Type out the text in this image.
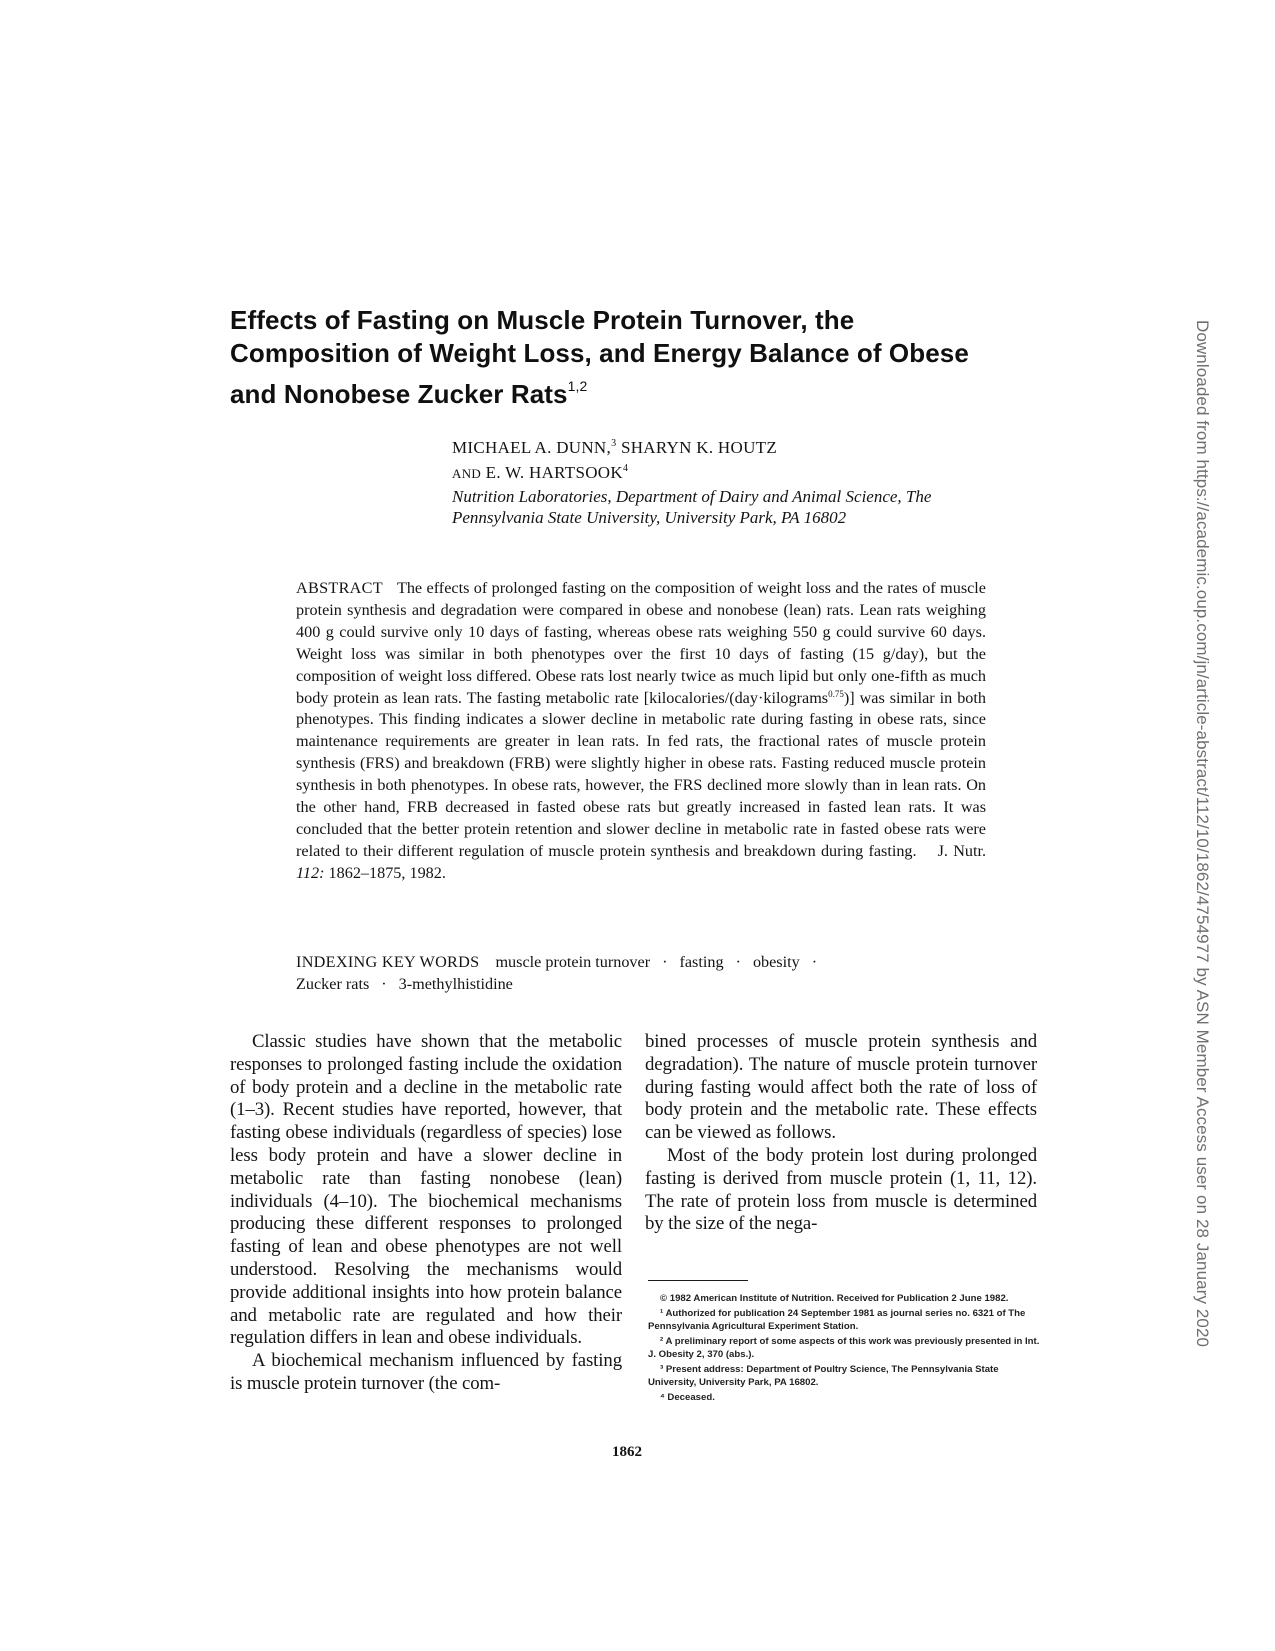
Effects of Fasting on Muscle Protein Turnover, the Composition of Weight Loss, and Energy Balance of Obese and Nonobese Zucker Rats$^{1,2}$
MICHAEL A. DUNN,$^3$ SHARYN K. HOUTZ
AND E. W. HARTSOOK$^4$
Nutrition Laboratories, Department of Dairy and Animal Science, The Pennsylvania State University, University Park, PA 16802
ABSTRACT The effects of prolonged fasting on the composition of weight loss and the rates of muscle protein synthesis and degradation were compared in obese and nonobese (lean) rats. Lean rats weighing 400 g could survive only 10 days of fasting, whereas obese rats weighing 550 g could survive 60 days. Weight loss was similar in both phenotypes over the first 10 days of fasting (15 g/day), but the composition of weight loss differed. Obese rats lost nearly twice as much lipid but only one-fifth as much body protein as lean rats. The fasting metabolic rate [kilocalories/(day·kilograms$^{0.75}$)] was similar in both phenotypes. This finding indicates a slower decline in metabolic rate during fasting in obese rats, since maintenance requirements are greater in lean rats. In fed rats, the fractional rates of muscle protein synthesis (FRS) and breakdown (FRB) were slightly higher in obese rats. Fasting reduced muscle protein synthesis in both phenotypes. In obese rats, however, the FRS declined more slowly than in lean rats. On the other hand, FRB decreased in fasted obese rats but greatly increased in fasted lean rats. It was concluded that the better protein retention and slower decline in metabolic rate in fasted obese rats were related to their different regulation of muscle protein synthesis and breakdown during fasting. J. Nutr. 112: 1862–1875, 1982.
INDEXING KEY WORDS muscle protein turnover · fasting · obesity ·
Zucker rats · 3-methylhistidine

Classic studies have shown that the metabolic responses to prolonged fasting include the oxidation of body protein and a decline in the metabolic rate (1–3). Recent studies have reported, however, that fasting obese individuals (regardless of species) lose less body protein and have a slower decline in metabolic rate than fasting nonobese (lean) individuals (4–10). The biochemical mechanisms producing these different responses to prolonged fasting of lean and obese phenotypes are not well understood. Resolving the mechanisms would provide additional insights into how protein balance and metabolic rate are regulated and how their regulation differs in lean and obese individuals.

A biochemical mechanism influenced by fasting is muscle protein turnover (the com-

bined processes of muscle protein synthesis and degradation). The nature of muscle protein turnover during fasting would affect both the rate of loss of body protein and the metabolic rate. These effects can be viewed as follows.

Most of the body protein lost during prolonged fasting is derived from muscle protein (1, 11, 12). The rate of protein loss from muscle is determined by the size of the nega-

© 1982 American Institute of Nutrition. Received for Publication 2 June 1982.

¹ Authorized for publication 24 September 1981 as journal series no. 6321 of The Pennsylvania Agricultural Experiment Station.

² A preliminary report of some aspects of this work was previously presented in Int. J. Obesity 2, 370 (abs.).

³ Present address: Department of Poultry Science, The Pennsylvania State University, University Park, PA 16802.

⁴ Deceased.

1862
Downloaded from https://academic.oup.com/jn/article-abstract/112/10/1862/4754977 by ASN Member Access user on 28 January 2020
